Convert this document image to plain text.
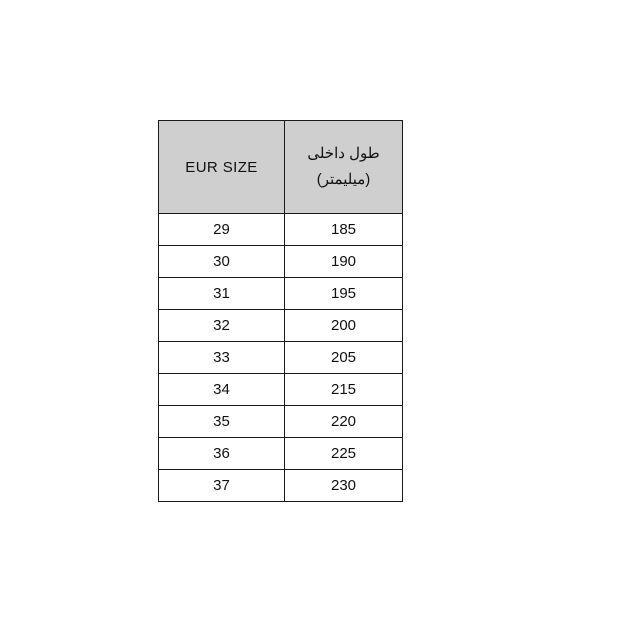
EUR SIZE	طول داخلی
(میلیمتر)

29	185
30	190
31	195
32	200
33	205
34	215
35	220
36	225
37	230
